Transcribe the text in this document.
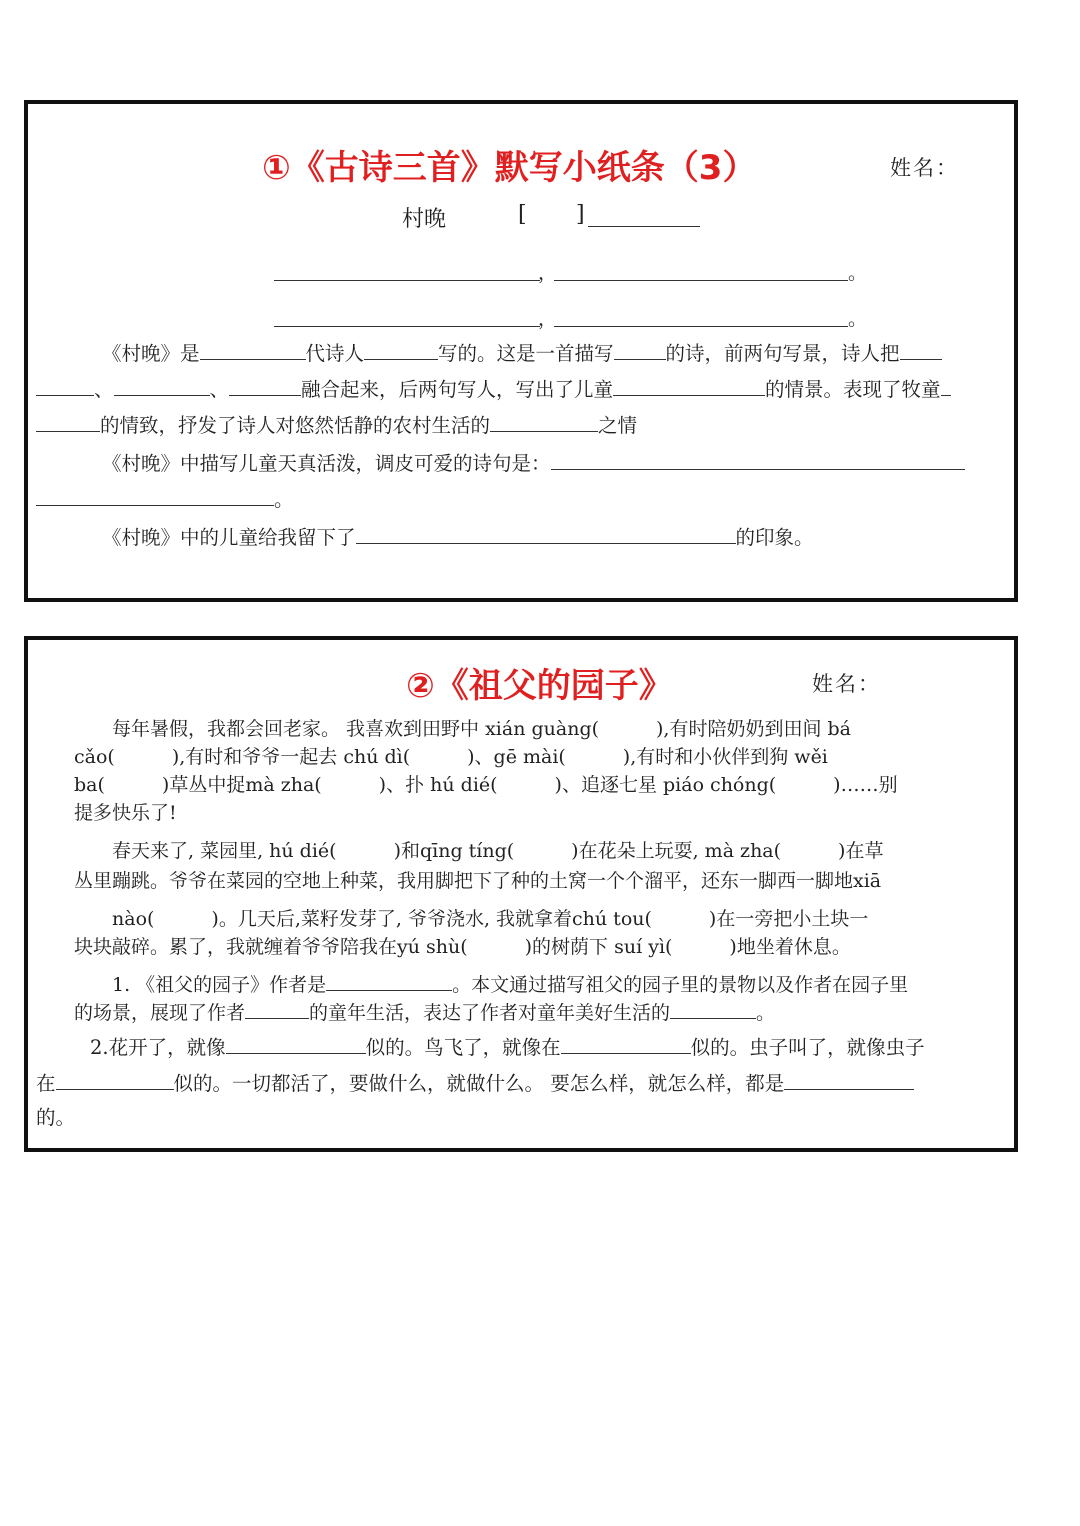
①《古诗三首》默写小纸条（3）	姓名：
村晚	[ ]
，	。
，	。
《村晚》是	代诗人	写的。这是一首描写	的诗，前两句写景，诗人把
、	、	融合起来，后两句写人，写出了儿童	的情景。表现了牧童
的情致，抒发了诗人对悠然恬静的农村生活的	之情
《村晚》中描写儿童天真活泼，调皮可爱的诗句是：
。
《村晚》中的儿童给我留下了	的印象。
②《祖父的园子》	姓名：
每年暑假，我都会回老家。 我喜欢到田野中 xián guàng(　　　),有时陪奶奶到田间 bá
cǎo(　　　),有时和爷爷一起去 chú dì(　　　)、gē mài(　　　),有时和小伙伴到狗 wěi
ba(　　　)草丛中捉mà zha(　　　)、扑 hú dié(　　　)、追逐七星 piáo chóng(　　　)……别
提多快乐了!
春天来了, 菜园里, hú dié(　　　)和qīng tíng(　　　)在花朵上玩耍, mà zha(　　　)在草
丛里蹦跳。爷爷在菜园的空地上种菜，我用脚把下了种的土窝一个个溜平，还东一脚西一脚地xiā
nào(　　　)。几天后,菜籽发芽了, 爷爷浇水, 我就拿着chú tou(　　　)在一旁把小土块一
块块敲碎。累了，我就缠着爷爷陪我在yú shù(　　　)的树荫下 suí yì(　　　)地坐着休息。
1. 《祖父的园子》作者是	。本文通过描写祖父的园子里的景物以及作者在园子里
的场景，展现了作者	的童年生活，表达了作者对童年美好生活的	。
2.花开了，就像	似的。鸟飞了，就像在	似的。虫子叫了，就像虫子
在	似的。一切都活了，要做什么，就做什么。 要怎么样，就怎么样，都是
的。
